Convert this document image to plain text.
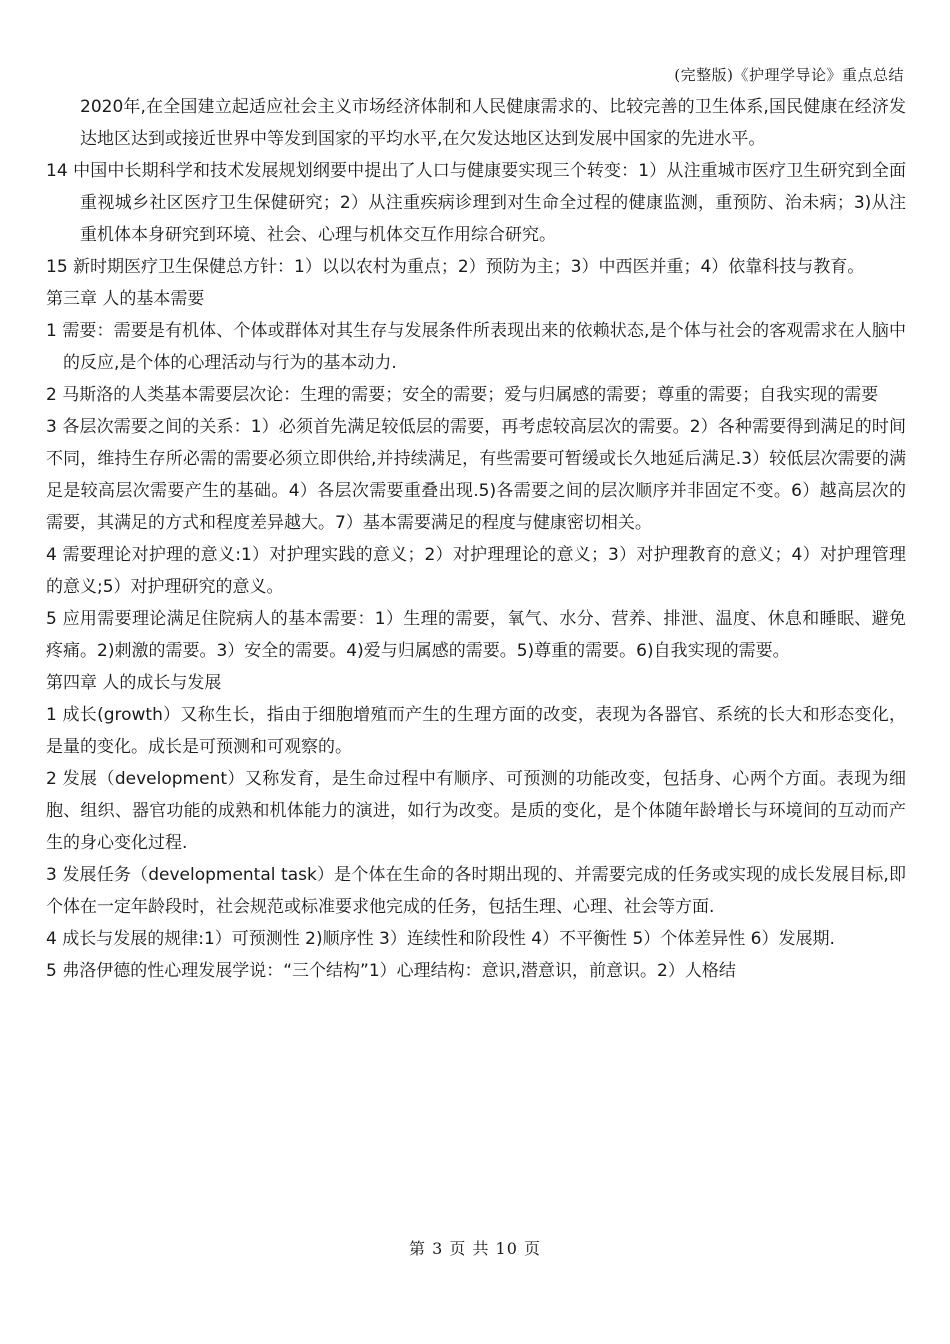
(完整版)《护理学导论》重点总结
2020年,在全国建立起适应社会主义市场经济体制和人民健康需求的、比较完善的卫生体系,国民健康在经济发达地区达到或接近世界中等发到国家的平均水平,在欠发达地区达到发展中国家的先进水平。
14 中国中长期科学和技术发展规划纲要中提出了人口与健康要实现三个转变：1）从注重城市医疗卫生研究到全面重视城乡社区医疗卫生保健研究；2）从注重疾病诊理到对生命全过程的健康监测，重预防、治未病；3)从注重机体本身研究到环境、社会、心理与机体交互作用综合研究。
15 新时期医疗卫生保健总方针：1）以以农村为重点；2）预防为主；3）中西医并重；4）依靠科技与教育。
第三章 人的基本需要
1 需要：需要是有机体、个体或群体对其生存与发展条件所表现出来的依赖状态,是个体与社会的客观需求在人脑中的反应,是个体的心理活动与行为的基本动力.
2 马斯洛的人类基本需要层次论：生理的需要；安全的需要；爱与归属感的需要；尊重的需要；自我实现的需要
3 各层次需要之间的关系：1）必须首先满足较低层的需要，再考虑较高层次的需要。2）各种需要得到满足的时间不同，维持生存所必需的需要必须立即供给,并持续满足，有些需要可暂缓或长久地延后满足.3）较低层次需要的满足是较高层次需要产生的基础。4）各层次需要重叠出现.5)各需要之间的层次顺序并非固定不变。6）越高层次的需要，其满足的方式和程度差异越大。7）基本需要满足的程度与健康密切相关。
4 需要理论对护理的意义:1）对护理实践的意义；2）对护理理论的意义；3）对护理教育的意义；4）对护理管理的意义;5）对护理研究的意义。
5 应用需要理论满足住院病人的基本需要：1）生理的需要，氧气、水分、营养、排泄、温度、休息和睡眠、避免疼痛。2)刺激的需要。3）安全的需要。4)爱与归属感的需要。5)尊重的需要。6)自我实现的需要。
第四章 人的成长与发展
1 成长(growth）又称生长，指由于细胞增殖而产生的生理方面的改变，表现为各器官、系统的长大和形态变化，是量的变化。成长是可预测和可观察的。
2 发展（development）又称发育，是生命过程中有顺序、可预测的功能改变，包括身、心两个方面。表现为细胞、组织、器官功能的成熟和机体能力的演进，如行为改变。是质的变化，是个体随年龄增长与环境间的互动而产生的身心变化过程.
3 发展任务（developmental task）是个体在生命的各时期出现的、并需要完成的任务或实现的成长发展目标,即个体在一定年龄段时，社会规范或标准要求他完成的任务，包括生理、心理、社会等方面.
4 成长与发展的规律:1）可预测性 2)顺序性 3）连续性和阶段性 4）不平衡性 5）个体差异性 6）发展期.
5 弗洛伊德的性心理发展学说：“三个结构”1）心理结构：意识,潜意识，前意识。2）人格结
第 3 页 共 10 页
